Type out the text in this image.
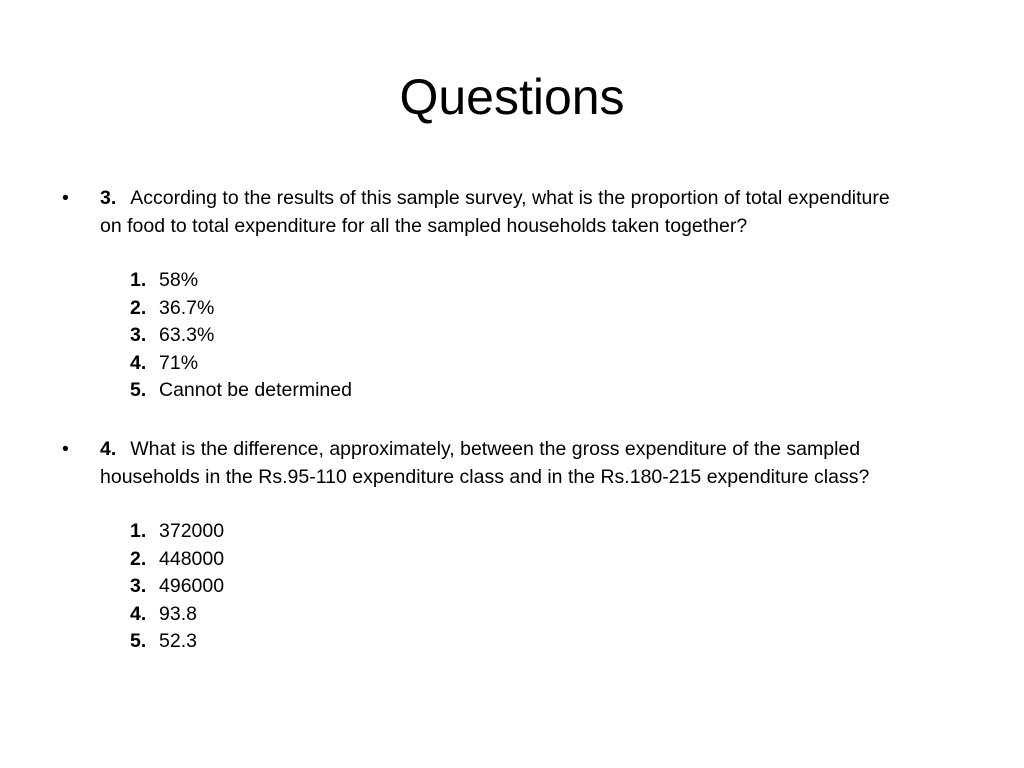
Questions
• 3. According to the results of this sample survey, what is the proportion of total expenditure
on food to total expenditure for all the sampled households taken together?
1. 58%
2. 36.7%
3. 63.3%
4. 71%
5. Cannot be determined
• 4. What is the difference, approximately, between the gross expenditure of the sampled
households in the Rs.95-110 expenditure class and in the Rs.180-215 expenditure class?
1. 372000
2. 448000
3. 496000
4. 93.8
5. 52.3
